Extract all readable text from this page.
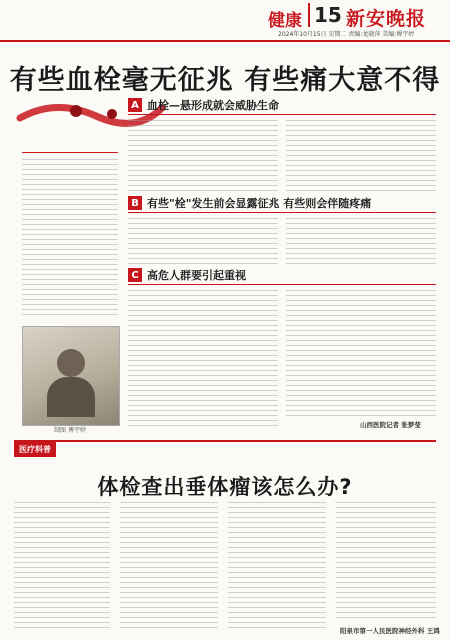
健康 15 新安晚报
2024年10月15日 星期二 责编:龙晓萍 美编:傅宇婷
有些血栓毫无征兆 有些痛大意不得
A 血栓—悬形成就会威胁生命
B 有些"栓"发生前会显露征兆 有些则会伴随疼痛
C 高危人群要引起重视
制图 傅宇婷
山西医院记者 张梦莹
医疗科普
体检查出垂体瘤该怎么办?
阳泉市第一人民医院神经外科 王鸿
